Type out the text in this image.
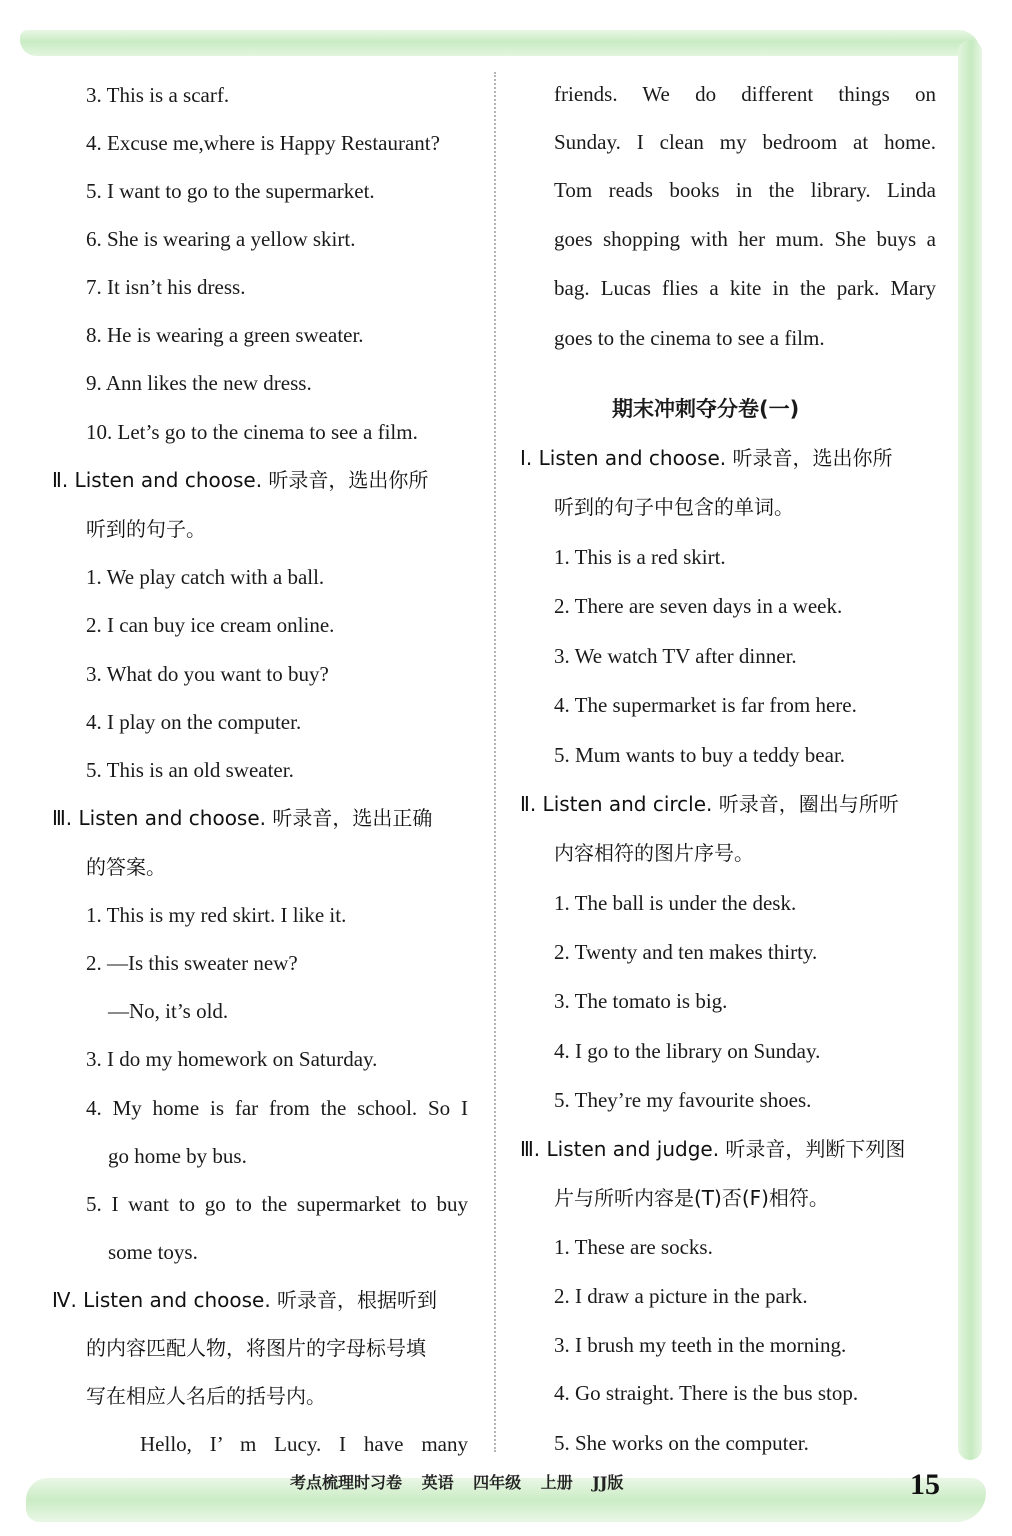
3. This is a scarf.
4. Excuse me,where is Happy Restaurant?
5. I want to go to the supermarket.
6. She is wearing a yellow skirt.
7. It isn’t his dress.
8. He is wearing a green sweater.
9. Ann likes the new dress.
10. Let’s go to the cinema to see a film.
Ⅱ. Listen and choose. 听录音，选出你所
听到的句子。
1. We play catch with a ball.
2. I can buy ice cream online.
3. What do you want to buy?
4. I play on the computer.
5. This is an old sweater.
Ⅲ. Listen and choose. 听录音，选出正确
的答案。
1. This is my red skirt. I like it.
2. —Is this sweater new?
—No, it’s old.
3. I do my homework on Saturday.
4. My home is far from the school. So I
go home by bus.
5. I want to go to the supermarket to buy
some toys.
Ⅳ. Listen and choose. 听录音，根据听到
的内容匹配人物，将图片的字母标号填
写在相应人名后的括号内。
Hello, I’ m Lucy. I have many
friends. We do different things on
Sunday. I clean my bedroom at home.
Tom reads books in the library. Linda
goes shopping with her mum. She buys a
bag. Lucas flies a kite in the park. Mary
goes to the cinema to see a film.
期末冲刺夺分卷(一)
Ⅰ. Listen and choose. 听录音，选出你所
听到的句子中包含的单词。
1. This is a red skirt.
2. There are seven days in a week.
3. We watch TV after dinner.
4. The supermarket is far from here.
5. Mum wants to buy a teddy bear.
Ⅱ. Listen and circle. 听录音，圈出与所听
内容相符的图片序号。
1. The ball is under the desk.
2. Twenty and ten makes thirty.
3. The tomato is big.
4. I go to the library on Sunday.
5. They’re my favourite shoes.
Ⅲ. Listen and judge. 听录音，判断下列图
片与所听内容是(T)否(F)相符。
1. These are socks.
2. I draw a picture in the park.
3. I brush my teeth in the morning.
4. Go straight. There is the bus stop.
5. She works on the computer.
考点梳理时习卷 英语 四年级 上册 JJ版	15
